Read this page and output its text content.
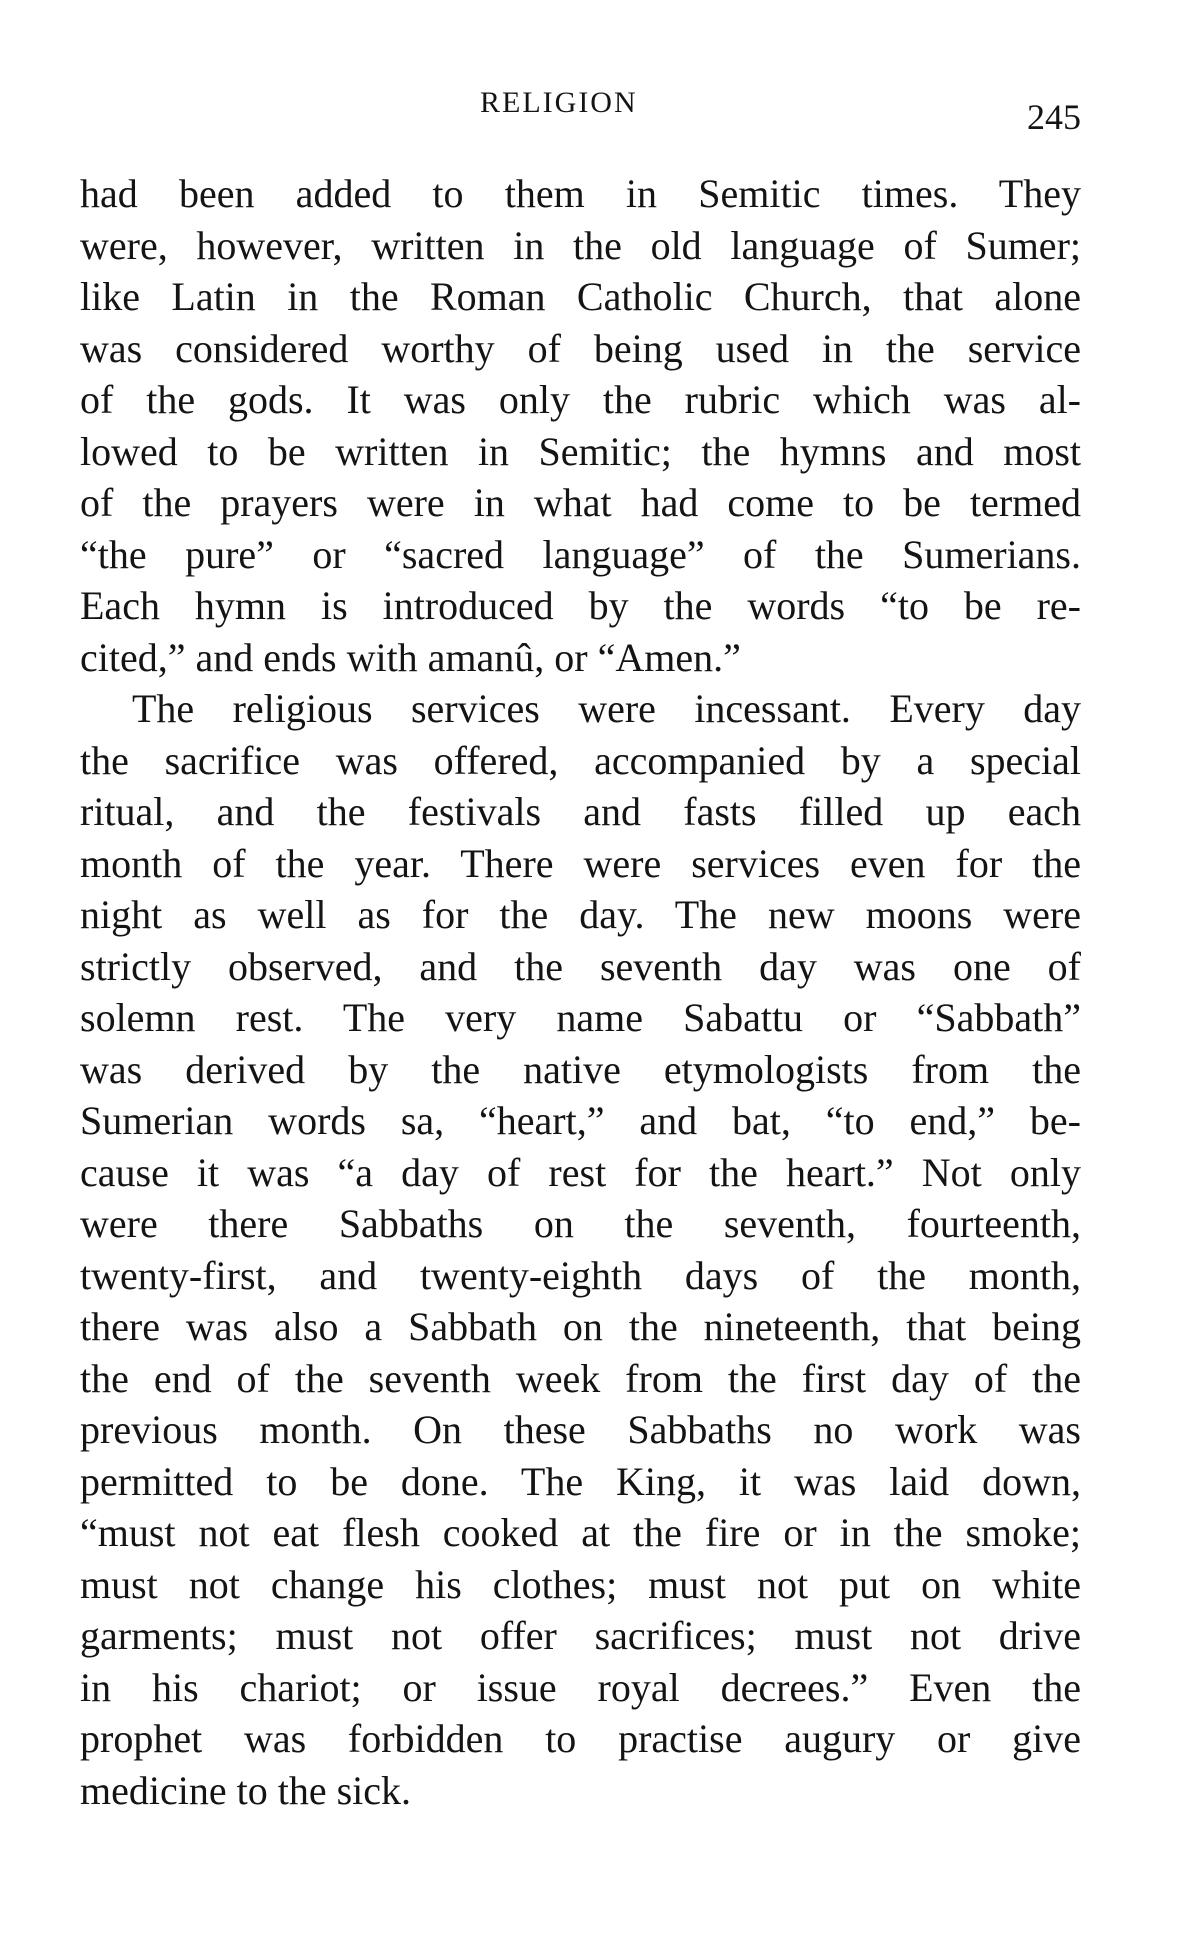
RELIGION	245
had been added to them in Semitic times. They
were, however, written in the old language of Sumer;
like Latin in the Roman Catholic Church, that alone
was considered worthy of being used in the service
of the gods. It was only the rubric which was al-
lowed to be written in Semitic; the hymns and most
of the prayers were in what had come to be termed
“the pure” or “sacred language” of the Sumerians.
Each hymn is introduced by the words “to be re-
cited,” and ends with amanû, or “Amen.”
The religious services were incessant. Every day
the sacrifice was offered, accompanied by a special
ritual, and the festivals and fasts filled up each
month of the year. There were services even for the
night as well as for the day. The new moons were
strictly observed, and the seventh day was one of
solemn rest. The very name Sabattu or “Sabbath”
was derived by the native etymologists from the
Sumerian words sa, “heart,” and bat, “to end,” be-
cause it was “a day of rest for the heart.” Not only
were there Sabbaths on the seventh, fourteenth,
twenty-first, and twenty-eighth days of the month,
there was also a Sabbath on the nineteenth, that being
the end of the seventh week from the first day of the
previous month. On these Sabbaths no work was
permitted to be done. The King, it was laid down,
“must not eat flesh cooked at the fire or in the smoke;
must not change his clothes; must not put on white
garments; must not offer sacrifices; must not drive
in his chariot; or issue royal decrees.” Even the
prophet was forbidden to practise augury or give
medicine to the sick.
